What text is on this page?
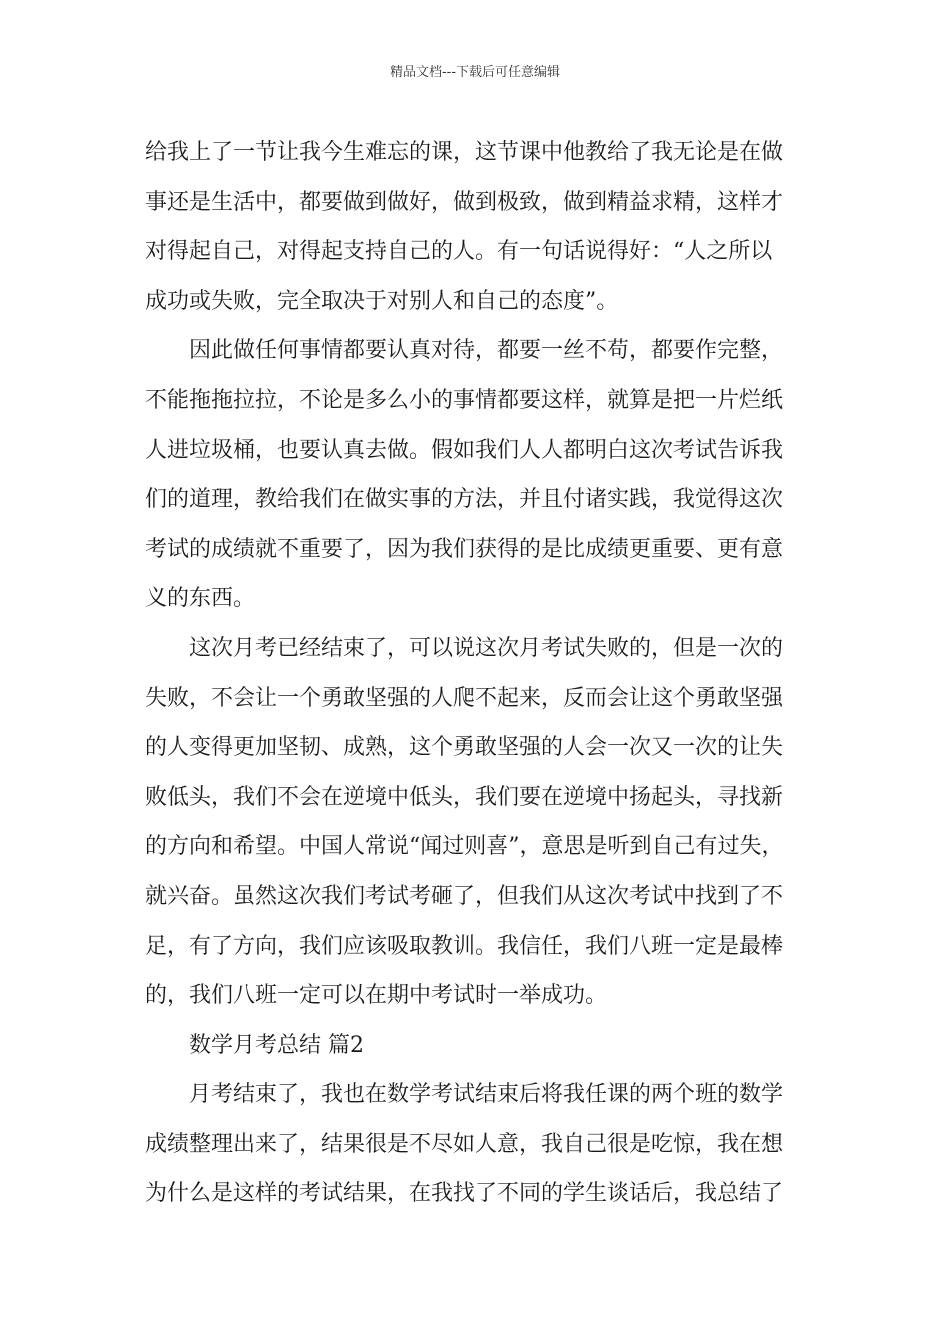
精品文档---下载后可任意编辑
给我上了一节让我今生难忘的课，这节课中他教给了我无论是在做
事还是生活中，都要做到做好，做到极致，做到精益求精，这样才
对得起自己，对得起支持自己的人。有一句话说得好：“人之所以
成功或失败，完全取决于对别人和自己的态度”。
因此做任何事情都要认真对待，都要一丝不苟，都要作完整，
不能拖拖拉拉，不论是多么小的事情都要这样，就算是把一片烂纸
人进垃圾桶，也要认真去做。假如我们人人都明白这次考试告诉我
们的道理，教给我们在做实事的方法，并且付诸实践，我觉得这次
考试的成绩就不重要了，因为我们获得的是比成绩更重要、更有意
义的东西。
这次月考已经结束了，可以说这次月考试失败的，但是一次的
失败，不会让一个勇敢坚强的人爬不起来，反而会让这个勇敢坚强
的人变得更加坚韧、成熟，这个勇敢坚强的人会一次又一次的让失
败低头，我们不会在逆境中低头，我们要在逆境中扬起头，寻找新
的方向和希望。中国人常说“闻过则喜”，意思是听到自己有过失，
就兴奋。虽然这次我们考试考砸了，但我们从这次考试中找到了不
足，有了方向，我们应该吸取教训。我信任，我们八班一定是最棒
的，我们八班一定可以在期中考试时一举成功。
数学月考总结 篇2
月考结束了，我也在数学考试结束后将我任课的两个班的数学
成绩整理出来了，结果很是不尽如人意，我自己很是吃惊，我在想
为什么是这样的考试结果，在我找了不同的学生谈话后，我总结了
